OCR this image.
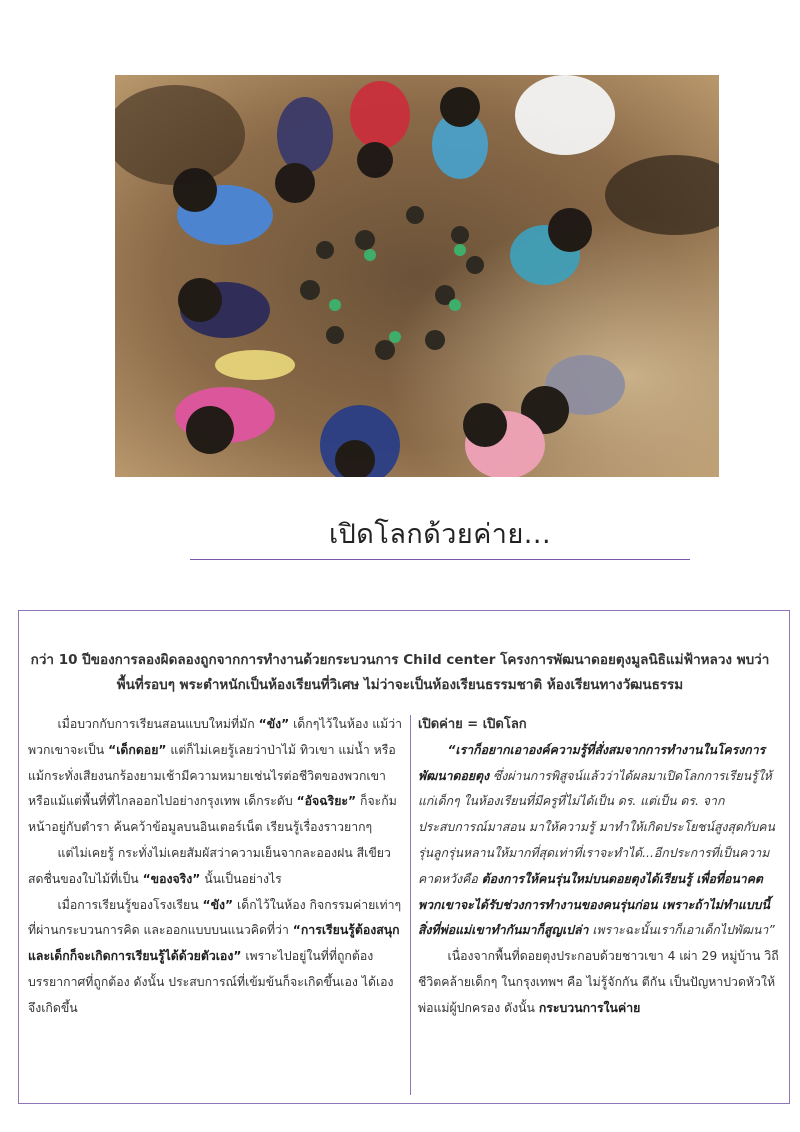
เปิดโลกด้วยค่าย...
กว่า 10 ปีของการลองผิดลองถูกจากการทำงานด้วยกระบวนการ Child center โครงการพัฒนาดอยตุงมูลนิธิแม่ฟ้าหลวง พบว่า พื้นที่รอบๆ พระตำหนักเป็นห้องเรียนที่วิเศษ ไม่ว่าจะเป็นห้องเรียนธรรมชาติ ห้องเรียนทางวัฒนธรรม

เมื่อบวกกับการเรียนสอนแบบใหม่ที่มัก “ขัง” เด็กๆไว้ในห้อง แม้ว่าพวกเขาจะเป็น “เด็กดอย” แต่ก็ไม่เคยรู้เลยว่าป่าไม้ ทิวเขา แม่น้ำ หรือ แม้กระทั่งเสียงนกร้องยามเช้ามีความหมายเช่นไรต่อชีวิตของพวกเขา หรือแม้แต่พื้นที่ที่ไกลออกไปอย่างกรุงเทพ เด็กระดับ “อัจฉริยะ” ก็จะก้มหน้าอยู่กับตำรา ค้นคว้าข้อมูลบนอินเตอร์เน็ต เรียนรู้เรื่องราวยากๆ

แต่ไม่เคยรู้ กระทั่งไม่เคยสัมผัสว่าความเย็นจากละอองฝน สีเขียวสดชื่นของใบไม้ที่เป็น “ของจริง” นั้นเป็นอย่างไร

เมื่อการเรียนรู้ของโรงเรียน “ขัง” เด็กไว้ในห้อง กิจกรรมค่ายเท่าๆ ที่ผ่านกระบวนการคิด และออกแบบบนแนวคิดที่ว่า “การเรียนรู้ต้องสนุกและเด็กก็จะเกิดการเรียนรู้ได้ด้วยตัวเอง” เพราะไปอยู่ในที่ที่ถูกต้อง บรรยากาศที่ถูกต้อง ดังนั้น ประสบการณ์ที่เข้มข้นก็จะเกิดขึ้นเอง ได้เอง จึงเกิดขึ้น

เปิดค่าย = เปิดโลก

“เราก็อยากเอาองค์ความรู้ที่สั่งสมจากการทำงานในโครงการพัฒนาดอยตุง ซึ่งผ่านการพิสูจน์แล้วว่าได้ผลมาเปิดโลกการเรียนรู้ให้แก่เด็กๆ ในห้องเรียนที่มีครูที่ไม่ได้เป็น ดร. แต่เป็น ดร. จากประสบการณ์มาสอน มาให้ความรู้ มาทำให้เกิดประโยชน์สูงสุดกับคนรุ่นลูกรุ่นหลานให้มากที่สุดเท่าที่เราจะทำได้...อีกประการที่เป็นความคาดหวังคือ ต้องการให้คนรุ่นใหม่บนดอยตุงได้เรียนรู้ เพื่อที่อนาคตพวกเขาจะได้รับช่วงการทำงานของคนรุ่นก่อน เพราะถ้าไม่ทำแบบนี้ สิ่งที่พ่อแม่เขาทำกันมาก็สูญเปล่า เพราะฉะนั้นเราก็เอาเด็กไปพัฒนา”

เนื่องจากพื้นที่ดอยตุงประกอบด้วยชาวเขา 4 เผ่า 29 หมู่บ้าน วิถีชีวิตคล้ายเด็กๆ ในกรุงเทพฯ คือ ไม่รู้จักกัน ตีกัน เป็นปัญหาปวดหัวให้พ่อแม่ผู้ปกครอง ดังนั้น กระบวนการในค่าย
